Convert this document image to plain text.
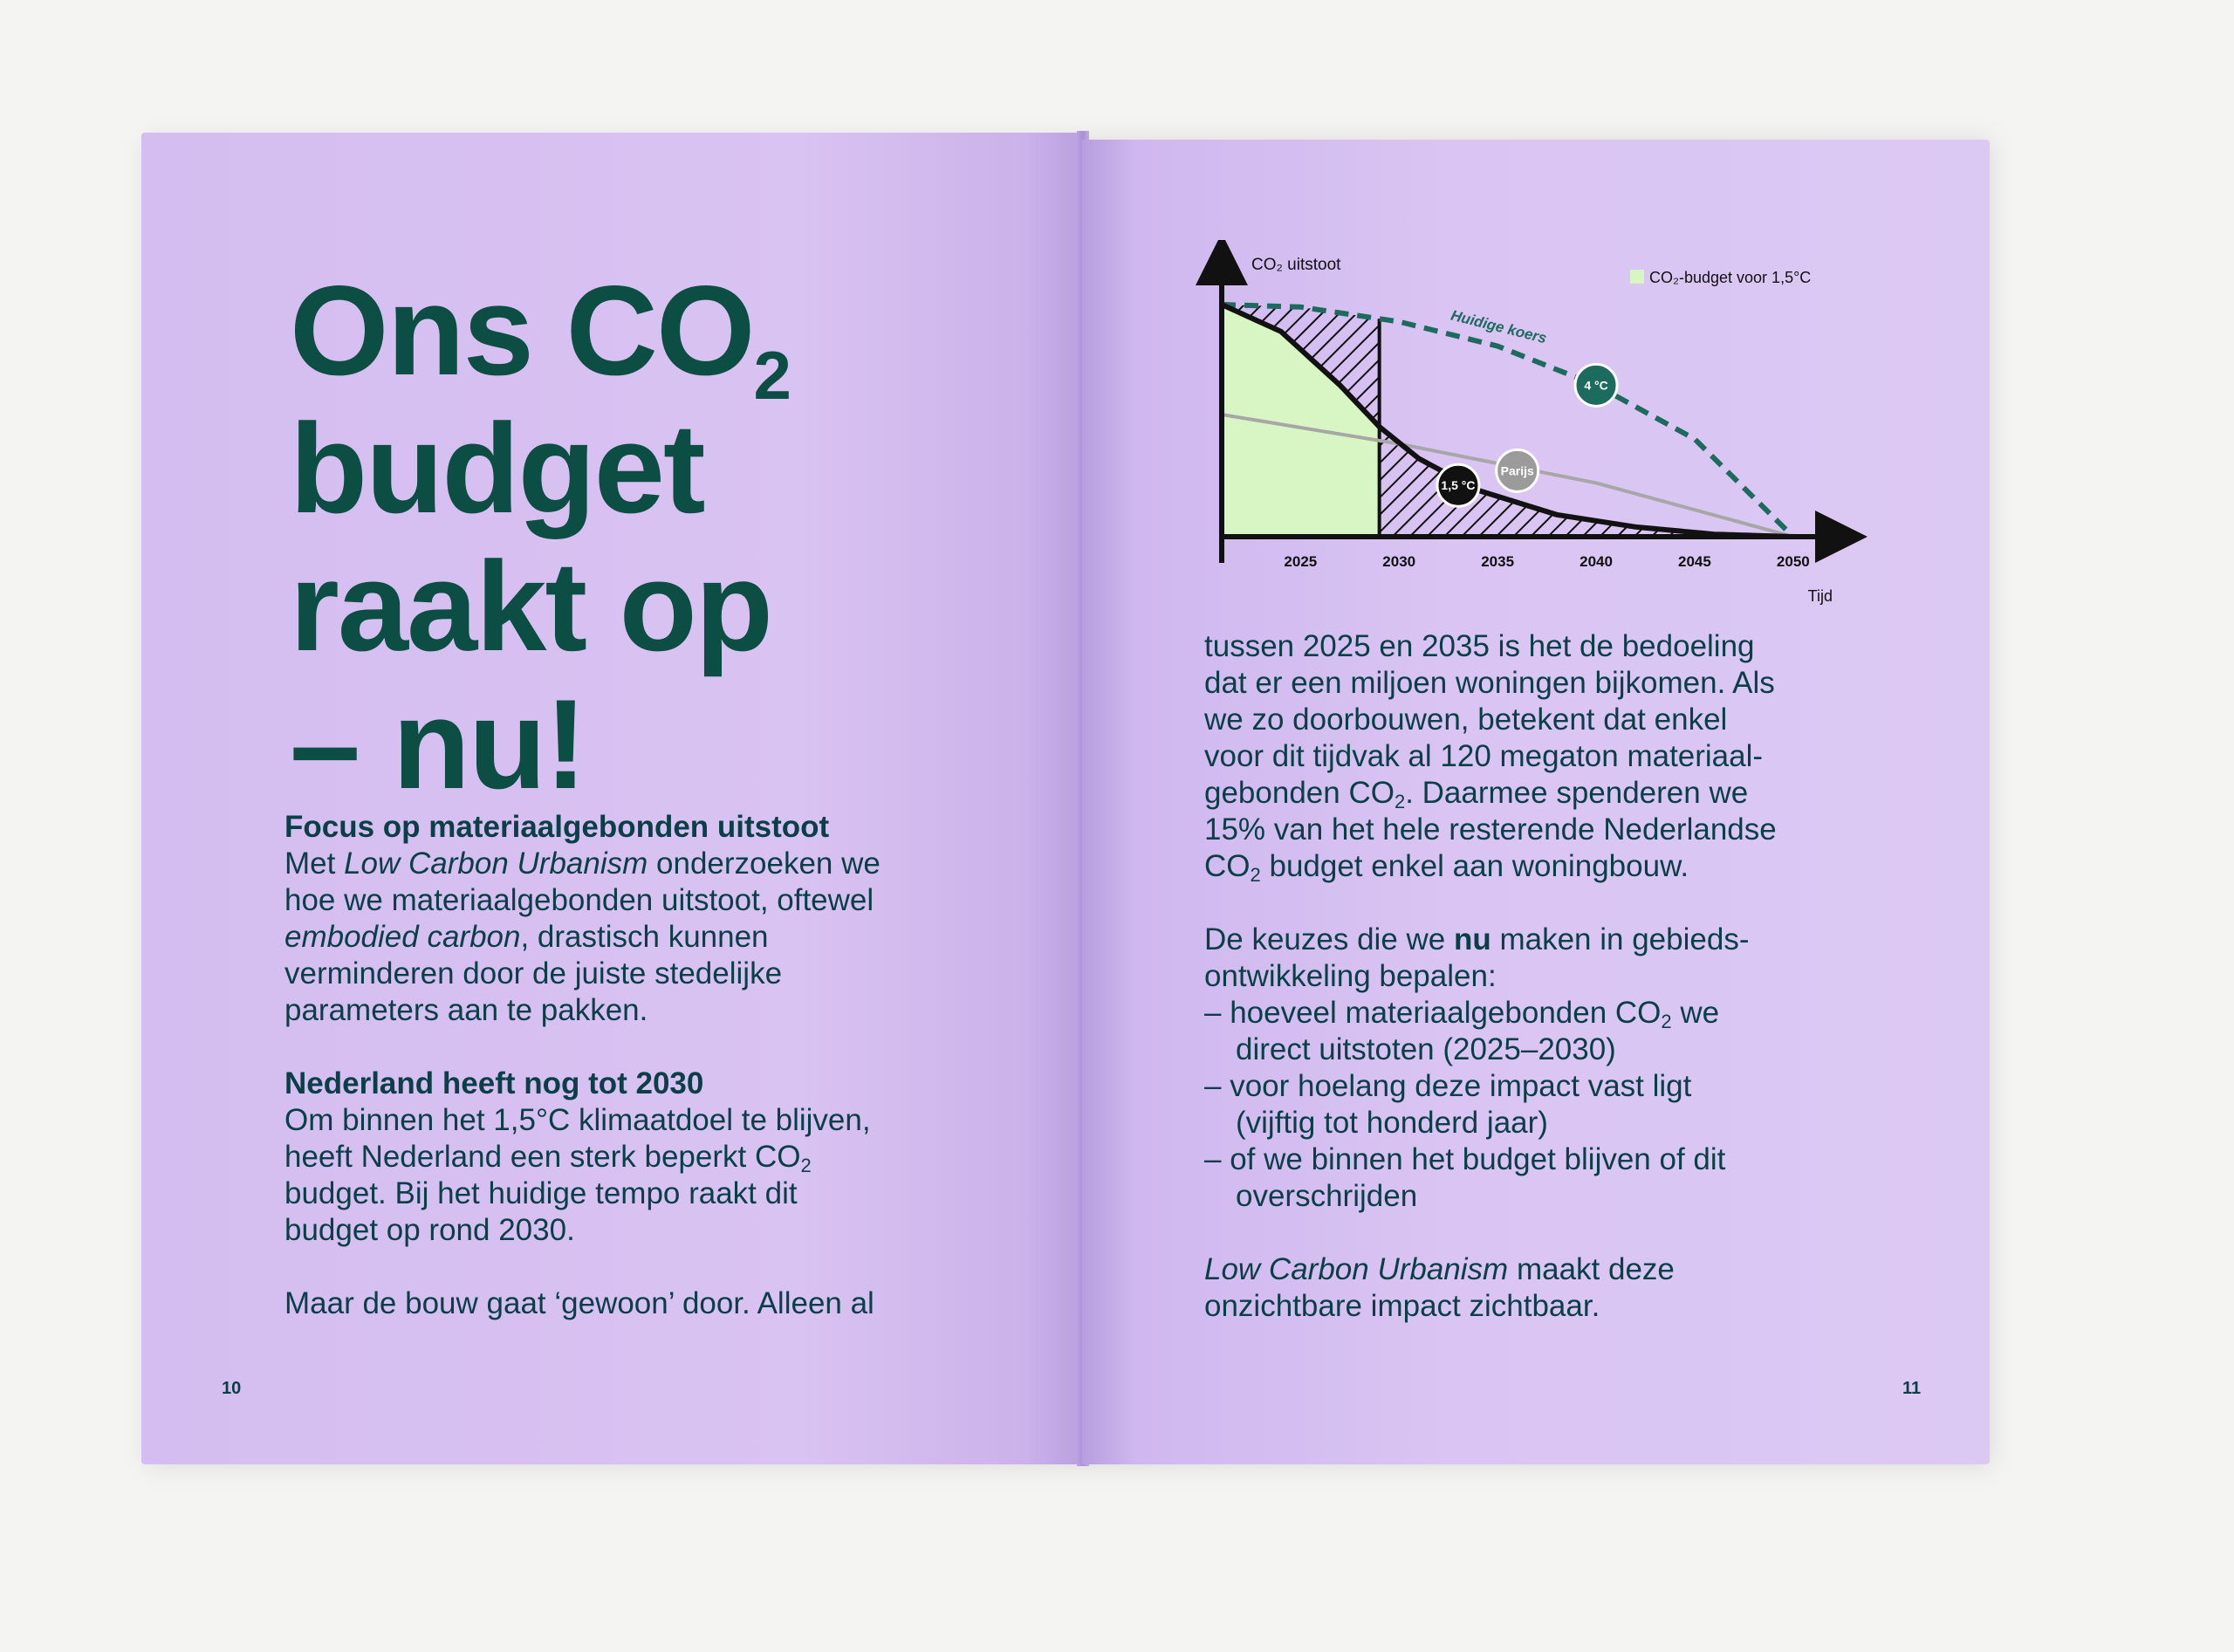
Ons $CO_2$
budget
raakt op
– nu!
Focus op materiaalgebonden uitstoot
Met Low Carbon Urbanism onderzoeken we
hoe we materiaalgebonden uitstoot, oftewel
embodied carbon, drastisch kunnen
verminderen door de juiste stedelijke
parameters aan te pakken.
Nederland heeft nog tot 2030
Om binnen het 1,5°C klimaatdoel te blijven,
heeft Nederland een sterk beperkt $CO_2$
budget. Bij het huidige tempo raakt dit
budget op rond 2030.
Maar de bouw gaat ‘gewoon’ door. Alleen al
10
Huidige koers
2025	2030	2035	2040	2045	2050
CO₂ uitstoot
Tijd
CO₂-budget voor 1,5°C
4 °C
Parijs
1,5 °C
tussen 2025 en 2035 is het de bedoeling
dat er een miljoen woningen bijkomen. Als
we zo doorbouwen, betekent dat enkel
voor dit tijdvak al 120 megaton materiaal-
gebonden $CO_2$. Daarmee spenderen we
15% van het hele resterende Nederlandse
$CO_2$ budget enkel aan woningbouw.
De keuzes die we nu maken in gebieds-
ontwikkeling bepalen:
– hoeveel materiaalgebonden $CO_2$ we
direct uitstoten (2025–2030)
– voor hoelang deze impact vast ligt
(vijftig tot honderd jaar)
– of we binnen het budget blijven of dit
overschrijden
Low Carbon Urbanism maakt deze
onzichtbare impact zichtbaar.
11
